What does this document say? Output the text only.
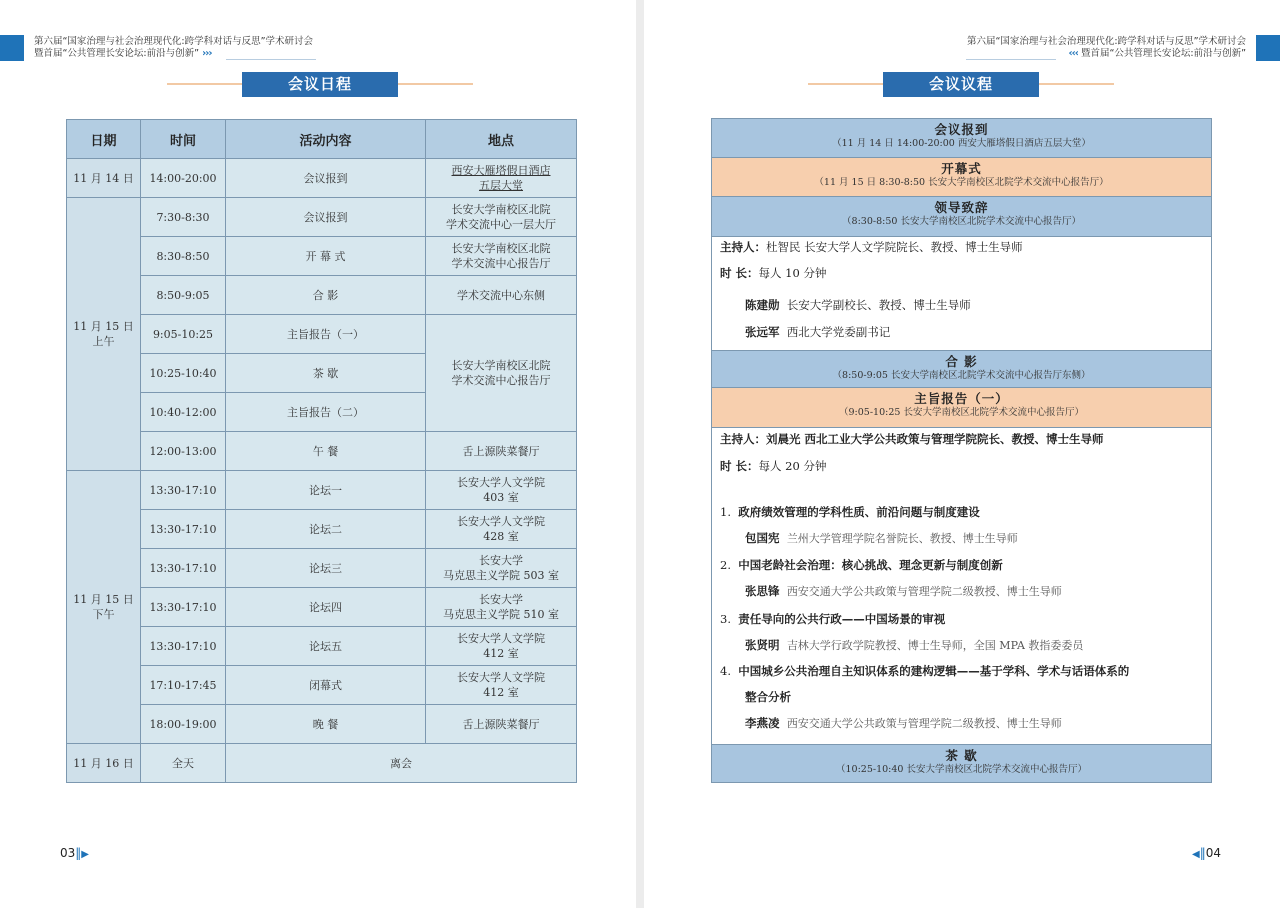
第六届“国家治理与社会治理现代化:跨学科对话与反思”学术研讨会
暨首届“公共管理长安论坛:前沿与创新” ›››
会议日程
日期	时间	活动内容	地点
11 月 14 日	14:00-20:00	会议报到	西安大雁塔假日酒店
五层大堂
11 月 15 日
上午	7:30-8:30	会议报到	长安大学南校区北院
学术交流中心一层大厅
	8:30-8:50	开 幕 式	长安大学南校区北院
学术交流中心报告厅
	8:50-9:05	合 影	学术交流中心东侧
	9:05-10:25	主旨报告（一）	长安大学南校区北院
学术交流中心报告厅
	10:25-10:40	茶 歇	
	10:40-12:00	主旨报告（二）	
	12:00-13:00	午 餐	舌上源陕菜餐厅
11 月 15 日
下午	13:30-17:10	论坛一	长安大学人文学院
403 室
	13:30-17:10	论坛二	长安大学人文学院
428 室
	13:30-17:10	论坛三	长安大学
马克思主义学院 503 室
	13:30-17:10	论坛四	长安大学
马克思主义学院 510 室
	13:30-17:10	论坛五	长安大学人文学院
412 室
	17:10-17:45	闭幕式	长安大学人文学院
412 室
	18:00-19:00	晚 餐	舌上源陕菜餐厅
11 月 16 日	全天	离会	
03‖▶
第六届“国家治理与社会治理现代化:跨学科对话与反思”学术研讨会
‹‹‹ 暨首届“公共管理长安论坛:前沿与创新”
会议议程
◀‖04
会议报到
（11 月 14 日 14:00-20:00 西安大雁塔假日酒店五层大堂）
开幕式
（11 月 15 日 8:30-8:50 长安大学南校区北院学术交流中心报告厅）
领导致辞
（8:30-8:50 长安大学南校区北院学术交流中心报告厅）
主持人：杜智民 长安大学人文学院院长、教授、博士生导师
时 长：每人 10 分钟
陈建勋 长安大学副校长、教授、博士生导师
张远军 西北大学党委副书记
合 影
（8:50-9:05 长安大学南校区北院学术交流中心报告厅东侧）
主旨报告（一）
（9:05-10:25 长安大学南校区北院学术交流中心报告厅）
主持人：刘晨光 西北工业大学公共政策与管理学院院长、教授、博士生导师
时 长：每人 20 分钟
1. 政府绩效管理的学科性质、前沿问题与制度建设
包国宪 兰州大学管理学院名誉院长、教授、博士生导师
2. 中国老龄社会治理：核心挑战、理念更新与制度创新
张思锋 西安交通大学公共政策与管理学院二级教授、博士生导师
3. 责任导向的公共行政——中国场景的审视
张贤明 吉林大学行政学院教授、博士生导师，全国 MPA 教指委委员
4. 中国城乡公共治理自主知识体系的建构逻辑——基于学科、学术与话语体系的
整合分析
李燕凌 西安交通大学公共政策与管理学院二级教授、博士生导师
茶 歇
（10:25-10:40 长安大学南校区北院学术交流中心报告厅）
